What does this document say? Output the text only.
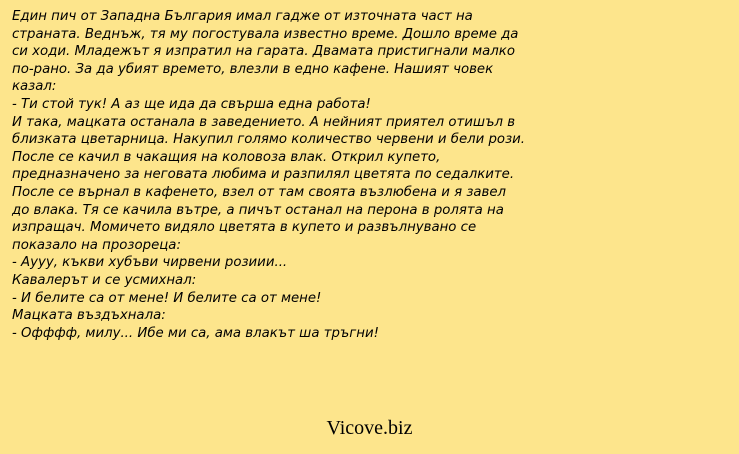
Един пич от Западна България имал гадже от източната част на
страната. Веднъж, тя му погостувала известно време. Дошло време да
си ходи. Младежът я изпратил на гарата. Двамата пристигнали малко
по-рано. За да убият времето, влезли в едно кафене. Нашият човек
казал:
- Ти стой тук! А аз ще ида да свърша една работа!
И така, мацката останала в заведението. А нейният приятел отишъл в
близката цветарница. Накупил голямо количество червени и бели рози.
После се качил в чакащия на коловоза влак. Открил купето,
предназначено за неговата любима и разпилял цветята по седалките.
После се върнал в кафенето, взел от там своята възлюбена и я завел
до влака. Тя се качила вътре, а пичът останал на перона в ролята на
изпращач. Момичето видяло цветята в купето и развълнувано се
показало на прозореца:
- Аууу, къкви хубъви чирвени розиии...
Кавалерът и се усмихнал:
- И белите са от мене! И белите са от мене!
Мацката въздъхнала:
- Офффф, милу... Ибе ми са, ама влакът ша тръгни!
Vicove.biz
